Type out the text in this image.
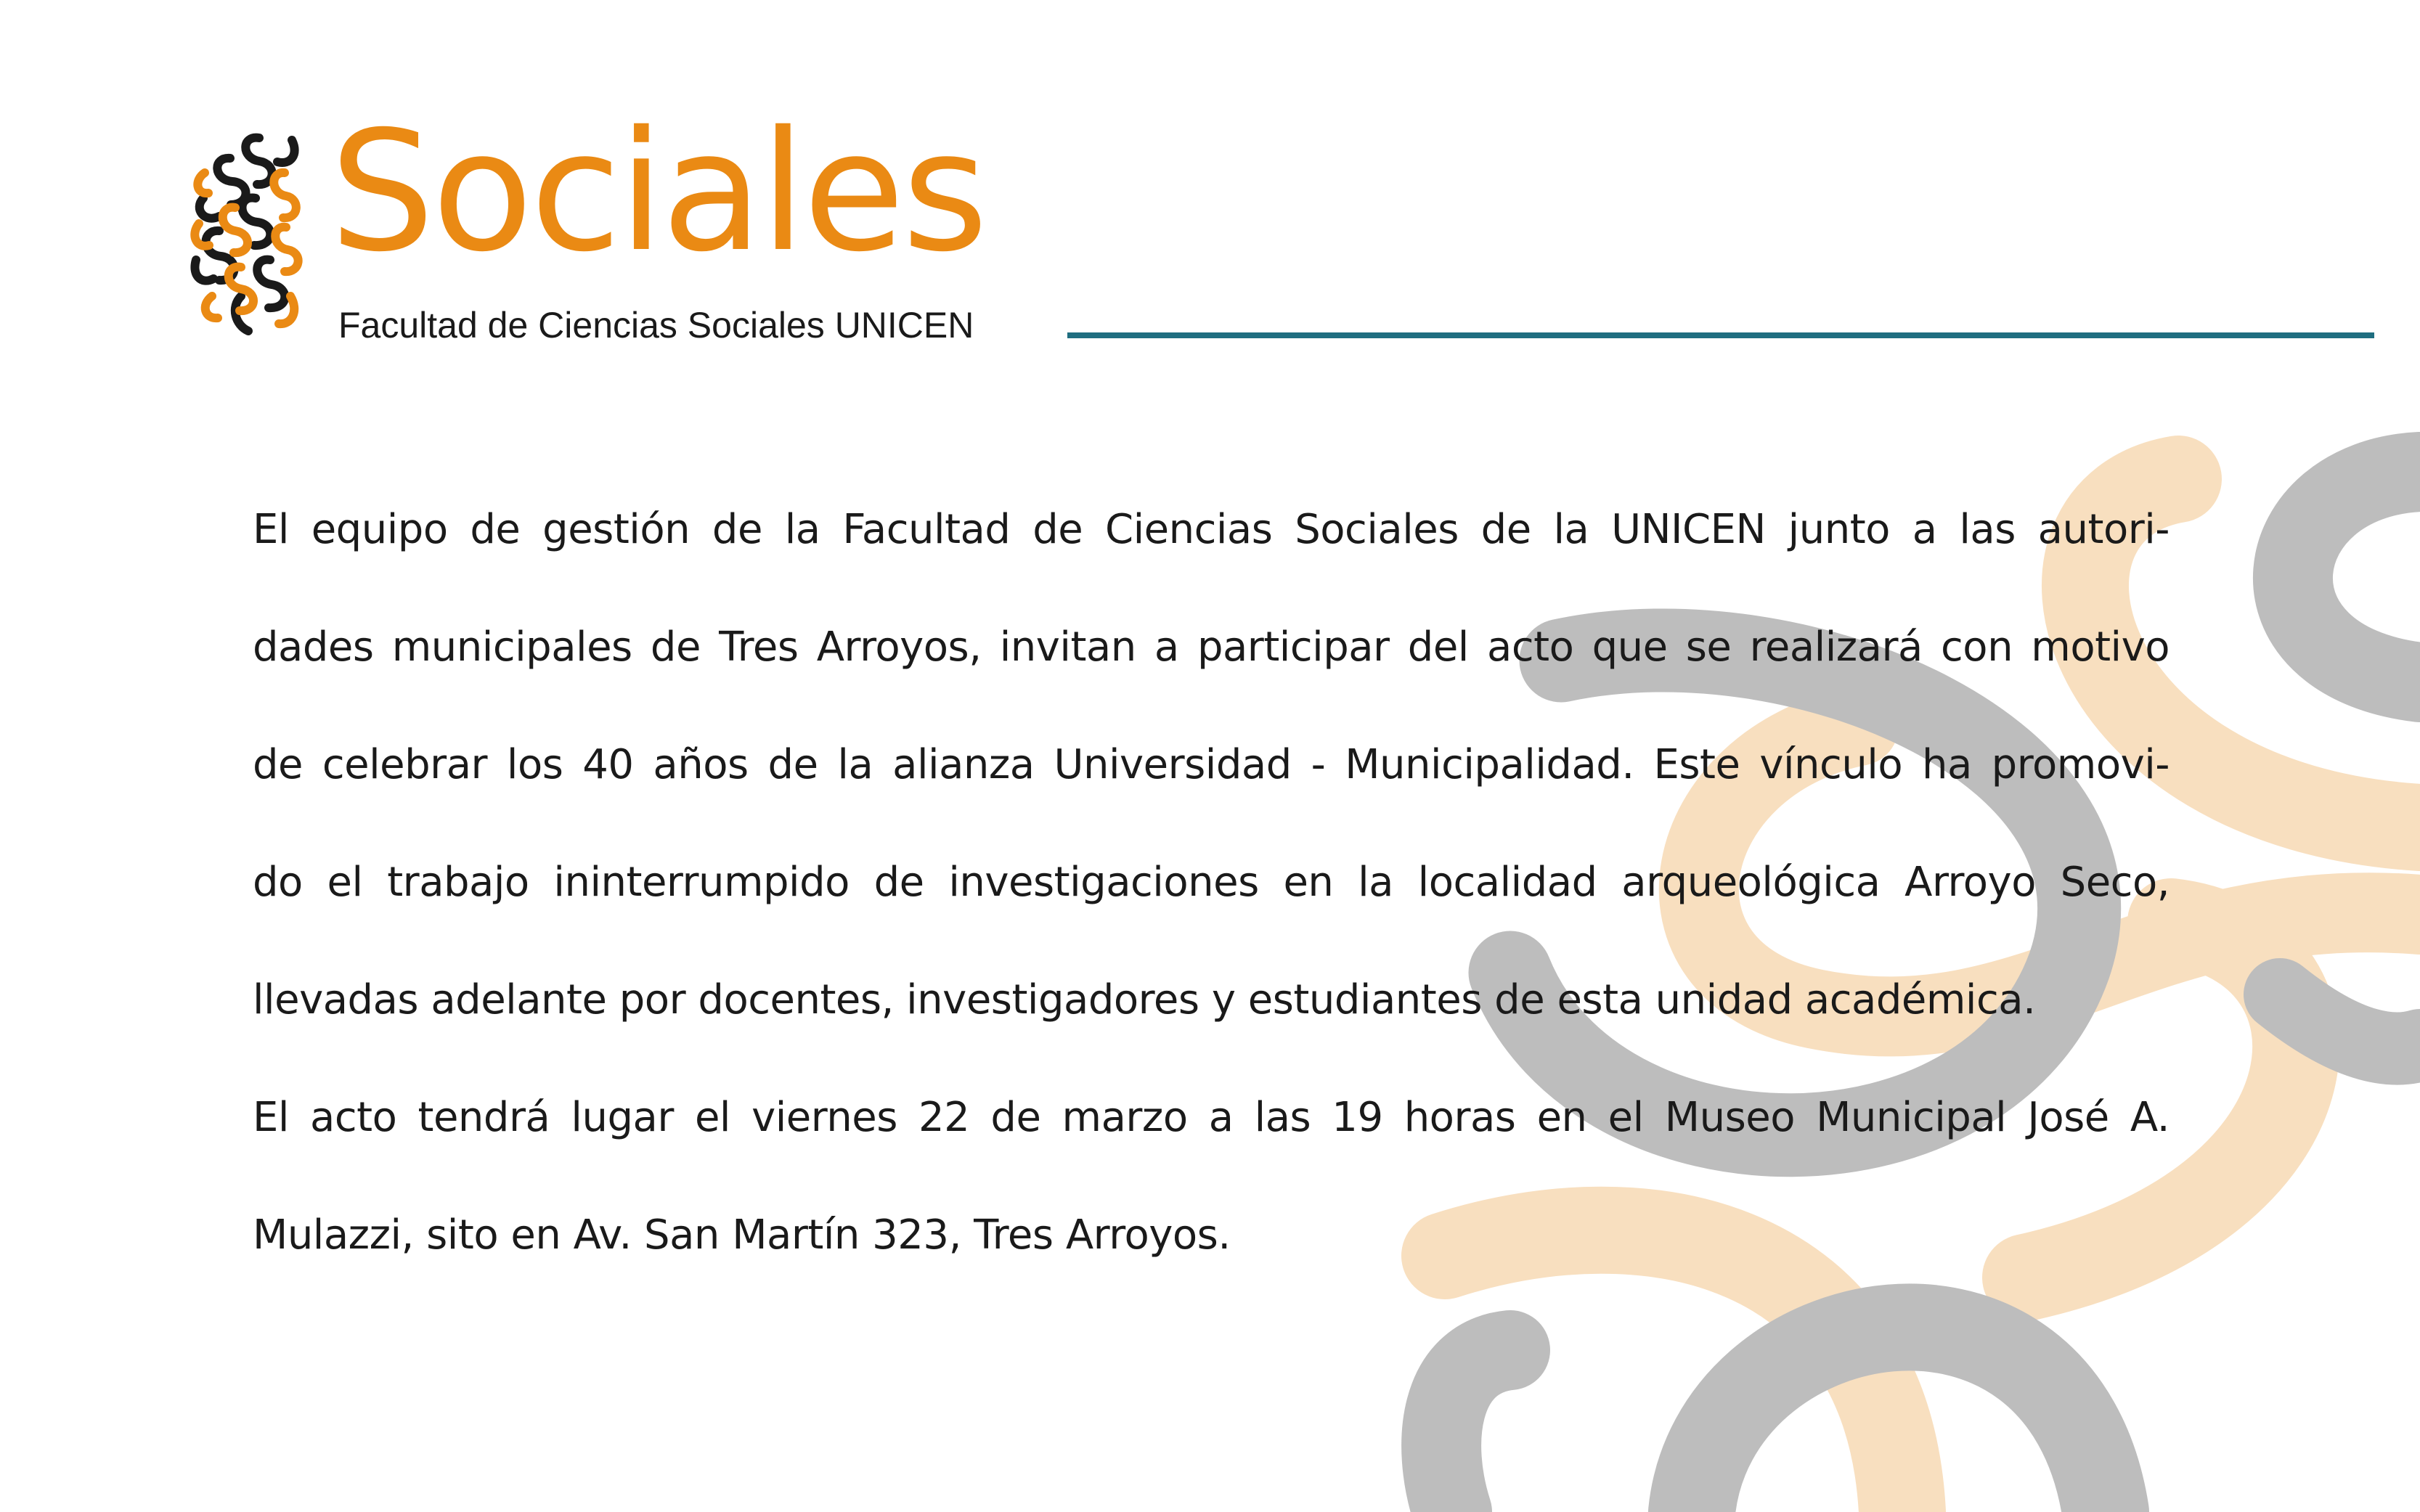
Sociales
Facultad de Ciencias Sociales UNICEN
El equipo de gestión de la Facultad de Ciencias Sociales de la UNICEN junto a las autori-
dades municipales de Tres Arroyos, invitan a participar del acto que se realizará con motivo
de celebrar los 40 años de la alianza Universidad - Municipalidad. Este vínculo ha promovi-
do el trabajo ininterrumpido de investigaciones en la localidad arqueológica Arroyo Seco,
llevadas adelante por docentes, investigadores y estudiantes de esta unidad académica.
El acto tendrá lugar el viernes 22 de marzo a las 19 horas en el Museo Municipal José A.
Mulazzi, sito en Av. San Martín 323, Tres Arroyos.
